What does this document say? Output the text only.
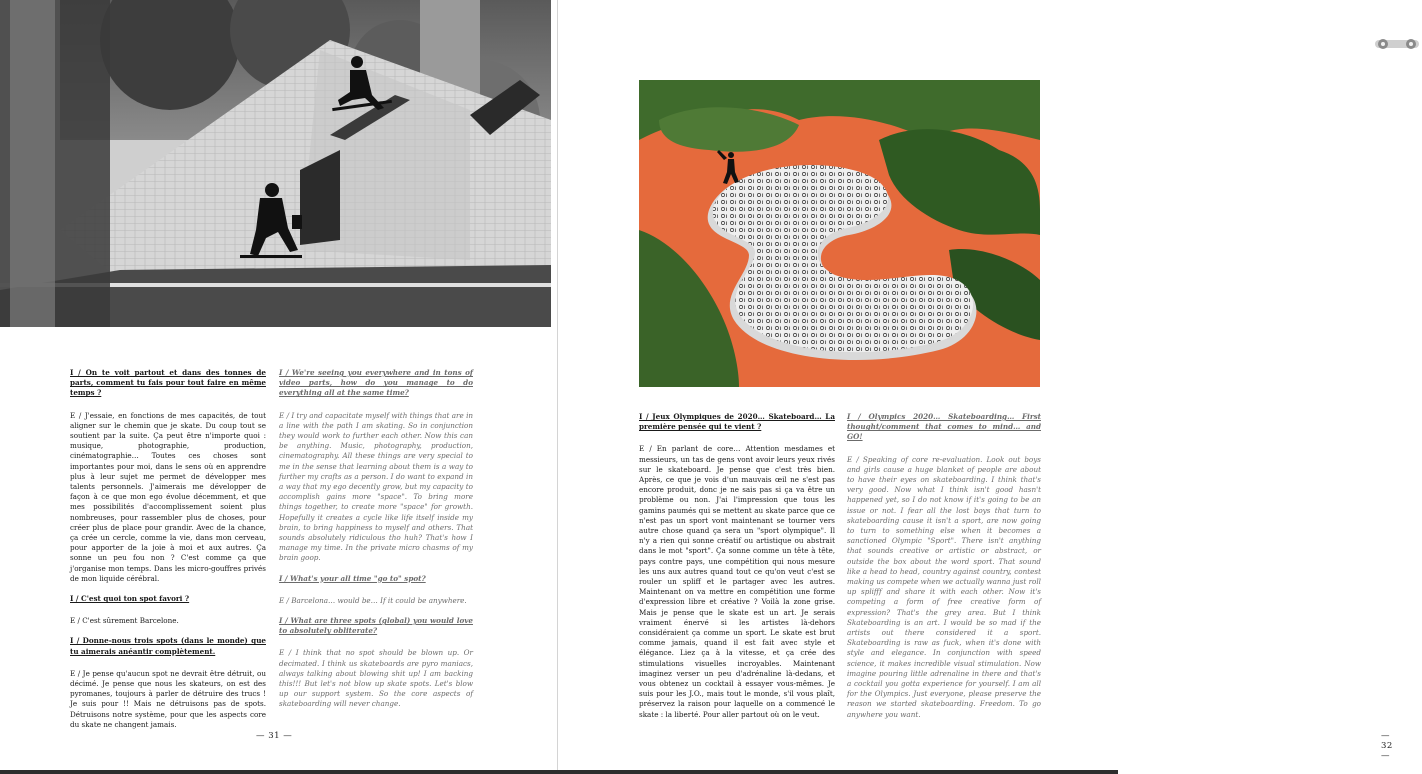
I / On te voit partout et dans des tonnes de parts, comment tu fais pour tout faire en même temps ?

E / J'essaie, en fonctions de mes capacités, de tout aligner sur le chemin que je skate. Du coup tout se soutient par la suite. Ça peut être n'importe quoi : musique, photographie, production, cinématographie… Toutes ces choses sont importantes pour moi, dans le sens où en apprendre plus à leur sujet me permet de développer mes talents personnels. J'aimerais me développer de façon à ce que mon ego évolue décemment, et que mes possibilités d'accomplissement soient plus nombreuses, pour rassembler plus de choses, pour créer plus de place pour grandir. Avec de la chance, ça crée un cercle, comme la vie, dans mon cerveau, pour apporter de la joie à moi et aux autres. Ça sonne un peu fou non ? C'est comme ça que j'organise mon temps. Dans les micro-gouffres privés de mon liquide cérébral.

I / C'est quoi ton spot favori ?

E / C'est sûrement Barcelone.

I / Donne-nous trois spots (dans le monde) que tu aimerais anéantir complètement.

E / Je pense qu'aucun spot ne devrait être détruit, ou décimé. Je pense que nous les skateurs, on est des pyromanes, toujours à parler de détruire des trucs ! Je suis pour !! Mais ne détruisons pas de spots. Détruisons notre système, pour que les aspects core du skate ne changent jamais.

I / We're seeing you everywhere and in tons of video parts, how do you manage to do everything all at the same time?

E / I try and capacitate myself with things that are in a line with the path I am skating. So in conjunction they would work to further each other. Now this can be anything. Music, photography, production, cinematography. All these things are very special to me in the sense that learning about them is a way to further my crafts as a person. I do want to expand in a way that my ego decently grow, but my capacity to accomplish gains more "space". To bring more things together, to create more "space" for growth. Hopefully it creates a cycle like life itself inside my brain, to bring happiness to myself and others. That sounds absolutely ridiculous tho huh? That's how I manage my time. In the private micro chasms of my brain goop.

I / What's your all time "go to" spot?

E / Barcelona… would be… If it could be anywhere.

I / What are three spots (global) you would love to absolutely obliterate?

E / I think that no spot should be blown up. Or decimated. I think us skateboards are pyro maniacs, always talking about blowing shit up! I am backing this!!! But let's not blow up skate spots. Let's blow up our support system. So the core aspects of skateboarding will never change.

— 31 —

I / Jeux Olympiques de 2020… Skateboard… La première pensée qui te vient ?

E / En parlant de core… Attention mesdames et messieurs, un tas de gens vont avoir leurs yeux rivés sur le skateboard. Je pense que c'est très bien. Après, ce que je vois d'un mauvais œil ne s'est pas encore produit, donc je ne sais pas si ça va être un problème ou non. J'ai l'impression que tous les gamins paumés qui se mettent au skate parce que ce n'est pas un sport vont maintenant se tourner vers autre chose quand ça sera un "sport olympique". Il n'y a rien qui sonne créatif ou artistique ou abstrait dans le mot "sport". Ça sonne comme un tête à tête, pays contre pays, une compétition qui nous mesure les uns aux autres quand tout ce qu'on veut c'est se rouler un spliff et le partager avec les autres. Maintenant on va mettre en compétition une forme d'expression libre et créative ? Voilà la zone grise. Mais je pense que le skate est un art. Je serais vraiment énervé si les artistes là-dehors considéraient ça comme un sport. Le skate est brut comme jamais, quand il est fait avec style et élégance. Liez ça à la vitesse, et ça crée des stimulations visuelles incroyables. Maintenant imaginez verser un peu d'adrénaline là-dedans, et vous obtenez un cocktail à essayer vous-mêmes. Je suis pour les J.O., mais tout le monde, s'il vous plaît, préservez la raison pour laquelle on a commencé le skate : la liberté. Pour aller partout où on le veut.

I / Olympics 2020… Skateboarding… First thought/comment that comes to mind… and GO!

E / Speaking of core re-evaluation. Look out boys and girls cause a huge blanket of people are about to have their eyes on skateboarding. I think that's very good. Now what I think isn't good hasn't happened yet, so I do not know if it's going to be an issue or not. I fear all the lost boys that turn to skateboarding cause it isn't a sport, are now going to turn to something else when it becomes a sanctioned Olympic "Sport". There isn't anything that sounds creative or artistic or abstract, or outside the box about the word sport. That sound like a head to head, country against country, contest making us compete when we actually wanna just roll up splifff and share it with each other. Now it's competing a form of free creative form of expression? That's the grey area. But I think Skateboarding is an art. I would be so mad if the artists out there considered it a sport. Skateboarding is raw as fuck, when it's done with style and elegance. In conjunction with speed science, it makes incredible visual stimulation. Now imagine pouring little adrenaline in there and that's a cocktail you gotta experience for yourself. I am all for the Olympics. Just everyone, please preserve the reason we started skateboarding. Freedom. To go anywhere you want.

— 32 —
